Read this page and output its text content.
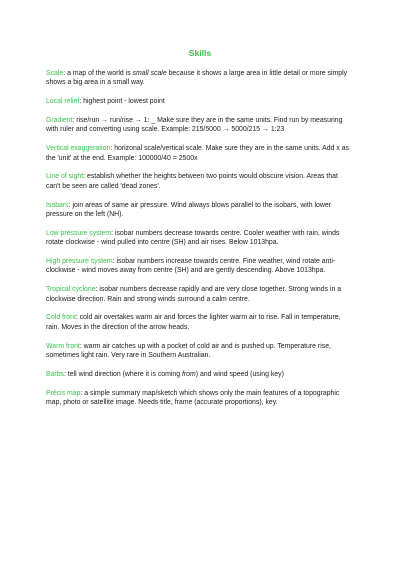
Skills

Scale: a map of the world is small scale because it shows a large area in little detail or more simply shows a big area in a small way.

Local relief: highest point - lowest point

Gradient: rise/run → run/rise → 1: _ Make sure they are in the same units. Find run by measuring with ruler and converting using scale. Example: 215/5000 → 5000/215 → 1:23

Vertical exaggeration: horizonal scale/vertical scale. Make sure they are in the same units. Add x as the 'unit' at the end. Example: 100000/40 = 2500x

Line of sight: establish whether the heights between two points would obscure vision. Areas that can't be seen are called 'dead zones'.

Isobars: join areas of same air pressure. Wind always blows parallel to the isobars, with lower pressure on the left (NH).

Low pressure system: isobar numbers decrease towards centre. Cooler weather with rain, winds rotate clockwise - wind pulled into centre (SH) and air rises. Below 1013hpa.

High pressure system: isobar numbers increase towards centre. Fine weather, wind rotate anti-clockwise - wind moves away from centre (SH) and are gently descending. Above 1013hpa.

Tropical cyclone: isobar numbers decrease rapidly and are very close together. Strong winds in a clockwise direction. Rain and strong winds surround a calm centre.

Cold front: cold air overtakes warm air and forces the lighter warm air to rise. Fall in temperature, rain. Moves in the direction of the arrow heads.

Warm front: warm air catches up with a pocket of cold air and is pushed up. Temperature rise, sometimes light rain. Very rare in Southern Australian.

Barbs: tell wind direction (where it is coming from) and wind speed (using key)

Précis map: a simple summary map/sketch which shows only the main features of a topographic map, photo or satellite image. Needs title, frame (accurate proportions), key.
